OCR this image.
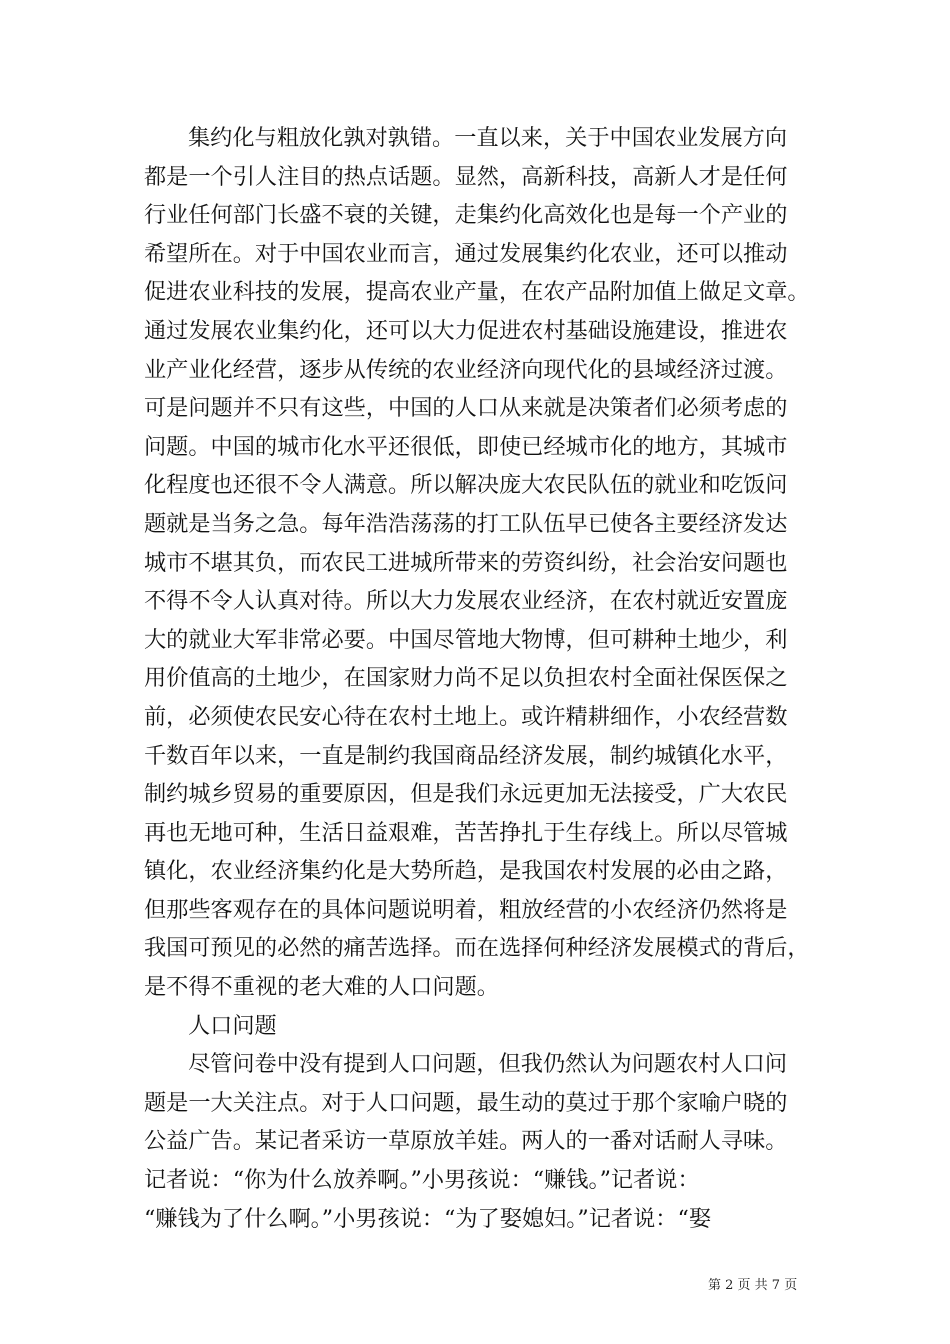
集约化与粗放化孰对孰错。一直以来，关于中国农业发展方向

都是一个引人注目的热点话题。显然，高新科技，高新人才是任何

行业任何部门长盛不衰的关键，走集约化高效化也是每一个产业的

希望所在。对于中国农业而言，通过发展集约化农业，还可以推动

促进农业科技的发展，提高农业产量，在农产品附加值上做足文章。

通过发展农业集约化，还可以大力促进农村基础设施建设，推进农

业产业化经营，逐步从传统的农业经济向现代化的县域经济过渡。

可是问题并不只有这些，中国的人口从来就是决策者们必须考虑的

问题。中国的城市化水平还很低，即使已经城市化的地方，其城市

化程度也还很不令人满意。所以解决庞大农民队伍的就业和吃饭问

题就是当务之急。每年浩浩荡荡的打工队伍早已使各主要经济发达

城市不堪其负，而农民工进城所带来的劳资纠纷，社会治安问题也

不得不令人认真对待。所以大力发展农业经济，在农村就近安置庞

大的就业大军非常必要。中国尽管地大物博，但可耕种土地少，利

用价值高的土地少，在国家财力尚不足以负担农村全面社保医保之

前，必须使农民安心待在农村土地上。或许精耕细作，小农经营数

千数百年以来，一直是制约我国商品经济发展，制约城镇化水平，

制约城乡贸易的重要原因，但是我们永远更加无法接受，广大农民

再也无地可种，生活日益艰难，苦苦挣扎于生存线上。所以尽管城

镇化，农业经济集约化是大势所趋，是我国农村发展的必由之路，

但那些客观存在的具体问题说明着，粗放经营的小农经济仍然将是

我国可预见的必然的痛苦选择。而在选择何种经济发展模式的背后，

是不得不重视的老大难的人口问题。

人口问题

尽管问卷中没有提到人口问题，但我仍然认为问题农村人口问

题是一大关注点。对于人口问题，最生动的莫过于那个家喻户晓的

公益广告。某记者采访一草原放羊娃。两人的一番对话耐人寻味。

记者说：“你为什么放养啊。”小男孩说：“赚钱。”记者说：

“赚钱为了什么啊。”小男孩说：“为了娶媳妇。”记者说：“娶

第 2 页 共 7 页
